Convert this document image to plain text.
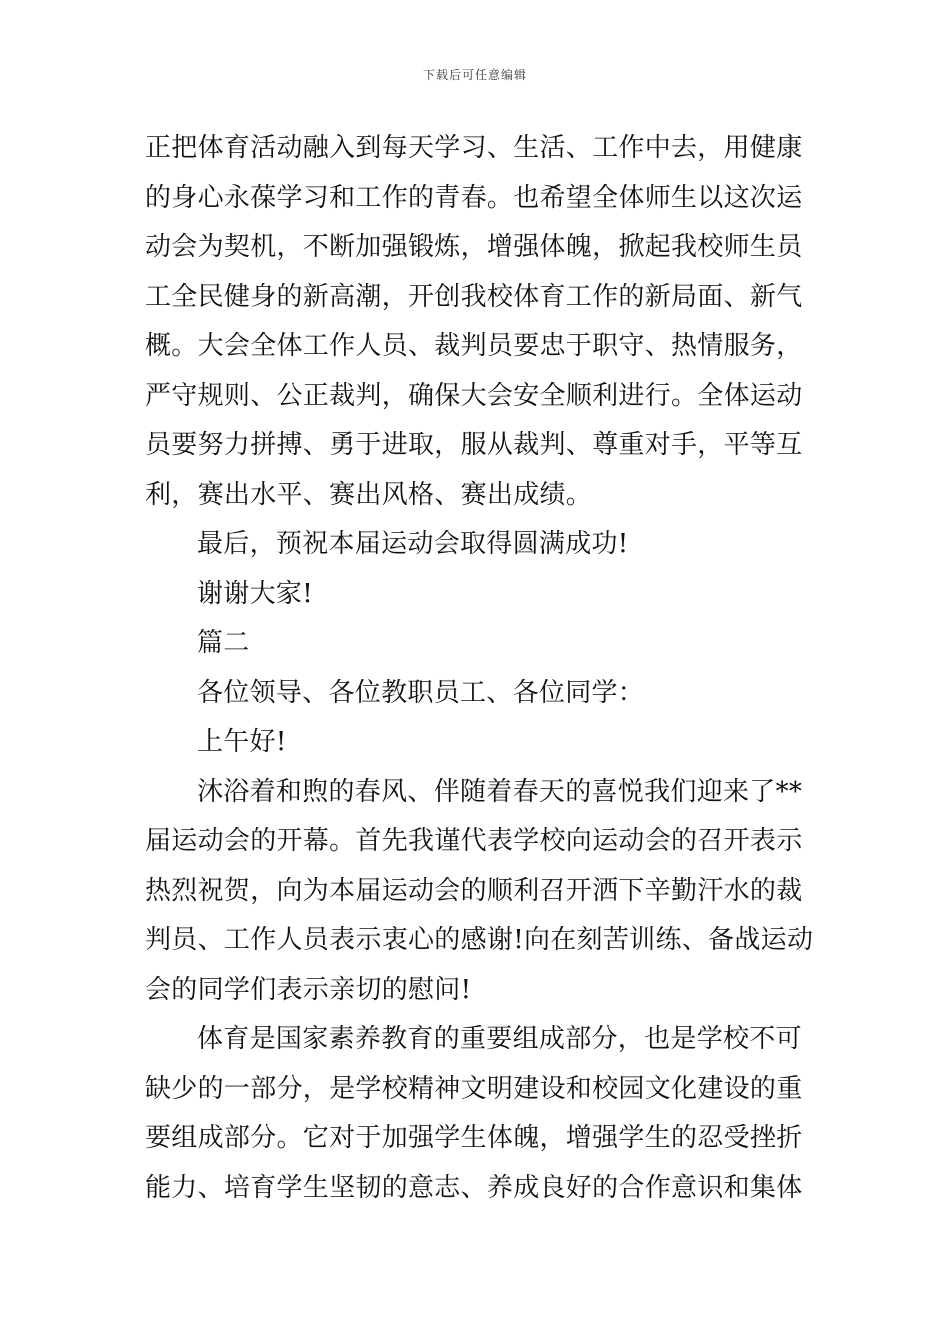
下载后可任意编辑

正把体育活动融入到每天学习、生活、工作中去，用健康
的身心永葆学习和工作的青春。也希望全体师生以这次运
动会为契机，不断加强锻炼，增强体魄，掀起我校师生员
工全民健身的新高潮，开创我校体育工作的新局面、新气
概。大会全体工作人员、裁判员要忠于职守、热情服务，
严守规则、公正裁判，确保大会安全顺利进行。全体运动
员要努力拼搏、勇于进取，服从裁判、尊重对手，平等互
利，赛出水平、赛出风格、赛出成绩。

最后，预祝本届运动会取得圆满成功!

谢谢大家!

篇二

各位领导、各位教职员工、各位同学：

上午好!

沐浴着和煦的春风、伴随着春天的喜悦我们迎来了**
届运动会的开幕。首先我谨代表学校向运动会的召开表示
热烈祝贺，向为本届运动会的顺利召开洒下辛勤汗水的裁
判员、工作人员表示衷心的感谢!向在刻苦训练、备战运动
会的同学们表示亲切的慰问!

体育是国家素养教育的重要组成部分，也是学校不可
缺少的一部分，是学校精神文明建设和校园文化建设的重
要组成部分。它对于加强学生体魄，增强学生的忍受挫折
能力、培育学生坚韧的意志、养成良好的合作意识和集体
